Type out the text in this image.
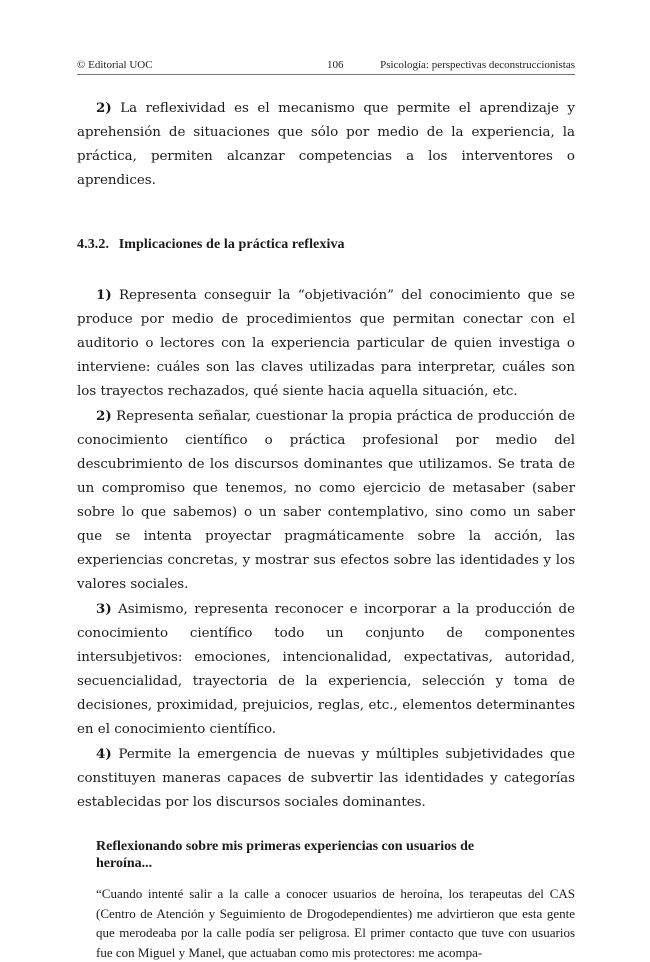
© Editorial UOC	106	Psicología: perspectivas deconstruccionistas

2) La reflexividad es el mecanismo que permite el aprendizaje y aprehensión de situaciones que sólo por medio de la experiencia, la práctica, permiten alcanzar competencias a los interventores o aprendices.

4.3.2. Implicaciones de la práctica reflexiva

1) Representa conseguir la “objetivación” del conocimiento que se produce por medio de procedimientos que permitan conectar con el auditorio o lectores con la experiencia particular de quien investiga o interviene: cuáles son las claves utilizadas para interpretar, cuáles son los trayectos rechazados, qué siente hacia aquella situación, etc.

2) Representa señalar, cuestionar la propia práctica de producción de conocimiento científico o práctica profesional por medio del descubrimiento de los discursos dominantes que utilizamos. Se trata de un compromiso que tenemos, no como ejercicio de metasaber (saber sobre lo que sabemos) o un saber contemplativo, sino como un saber que se intenta proyectar pragmáticamente sobre la acción, las experiencias concretas, y mostrar sus efectos sobre las identidades y los valores sociales.

3) Asimismo, representa reconocer e incorporar a la producción de conocimiento científico todo un conjunto de componentes intersubjetivos: emociones, intencionalidad, expectativas, autoridad, secuencialidad, trayectoria de la experiencia, selección y toma de decisiones, proximidad, prejuicios, reglas, etc., elementos determinantes en el conocimiento científico.

4) Permite la emergencia de nuevas y múltiples subjetividades que constituyen maneras capaces de subvertir las identidades y categorías establecidas por los discursos sociales dominantes.

Reflexionando sobre mis primeras experiencias con usuarios de heroína...

“Cuando intenté salir a la calle a conocer usuarios de heroína, los terapeutas del CAS (Centro de Atención y Seguimiento de Drogodependientes) me advirtieron que esta gente que merodeaba por la calle podía ser peligrosa. El primer contacto que tuve con usuarios fue con Miguel y Manel, que actuaban como mis protectores: me acompa-
